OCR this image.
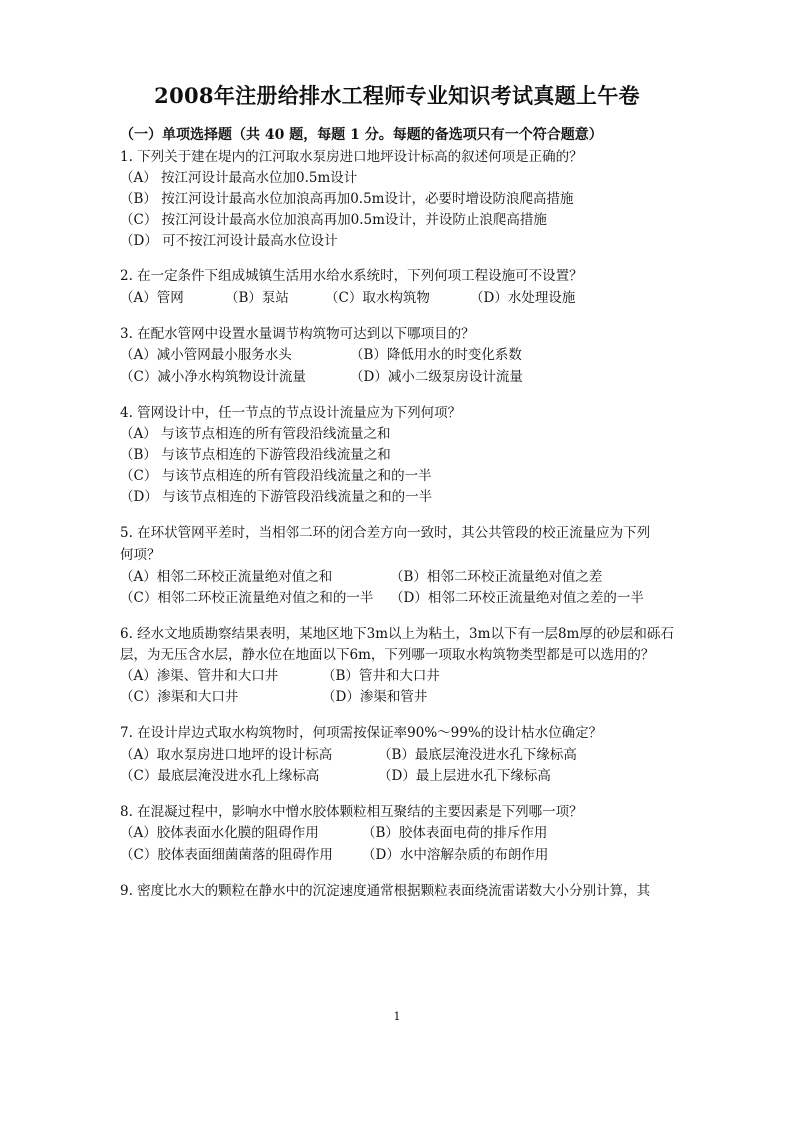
2008年注册给排水工程师专业知识考试真题上午卷
（一）单项选择题（共 40 题，每题 1 分。每题的备选项只有一个符合题意）
1. 下列关于建在堤内的江河取水泵房进口地坪设计标高的叙述何项是正确的？
（A） 按江河设计最高水位加0.5m设计
（B） 按江河设计最高水位加浪高再加0.5m设计，必要时增设防浪爬高措施
（C） 按江河设计最高水位加浪高再加0.5m设计，并设防止浪爬高措施
（D） 可不按江河设计最高水位设计
2. 在一定条件下组成城镇生活用水给水系统时，下列何项工程设施可不设置？
（A）管网	（B）泵站	（C）取水构筑物	（D）水处理设施
3. 在配水管网中设置水量调节构筑物可达到以下哪项目的？
（A）减小管网最小服务水头	（B）降低用水的时变化系数
（C）减小净水构筑物设计流量	（D）减小二级泵房设计流量
4. 管网设计中，任一节点的节点设计流量应为下列何项？
（A） 与该节点相连的所有管段沿线流量之和
（B） 与该节点相连的下游管段沿线流量之和
（C） 与该节点相连的所有管段沿线流量之和的一半
（D） 与该节点相连的下游管段沿线流量之和的一半
5. 在环状管网平差时，当相邻二环的闭合差方向一致时，其公共管段的校正流量应为下列
何项？
（A）相邻二环校正流量绝对值之和	（B）相邻二环校正流量绝对值之差
（C）相邻二环校正流量绝对值之和的一半 （D）相邻二环校正流量绝对值之差的一半
6. 经水文地质勘察结果表明，某地区地下3m以上为粘土，3m以下有一层8m厚的砂层和砾石
层，为无压含水层，静水位在地面以下6m，下列哪一项取水构筑物类型都是可以选用的？
（A）渗渠、管井和大口井	（B）管井和大口井
（C）渗渠和大口井	（D）渗渠和管井
7. 在设计岸边式取水构筑物时，何项需按保证率90%～99%的设计枯水位确定？
（A）取水泵房进口地坪的设计标高	（B）最底层淹没进水孔下缘标高
（C）最底层淹没进水孔上缘标高	（D）最上层进水孔下缘标高
8. 在混凝过程中，影响水中憎水胶体颗粒相互聚结的主要因素是下列哪一项？
（A）胶体表面水化膜的阻碍作用	（B）胶体表面电荷的排斥作用
（C）胶体表面细菌菌落的阻碍作用 （D）水中溶解杂质的布朗作用
9. 密度比水大的颗粒在静水中的沉淀速度通常根据颗粒表面绕流雷诺数大小分别计算，其
1
